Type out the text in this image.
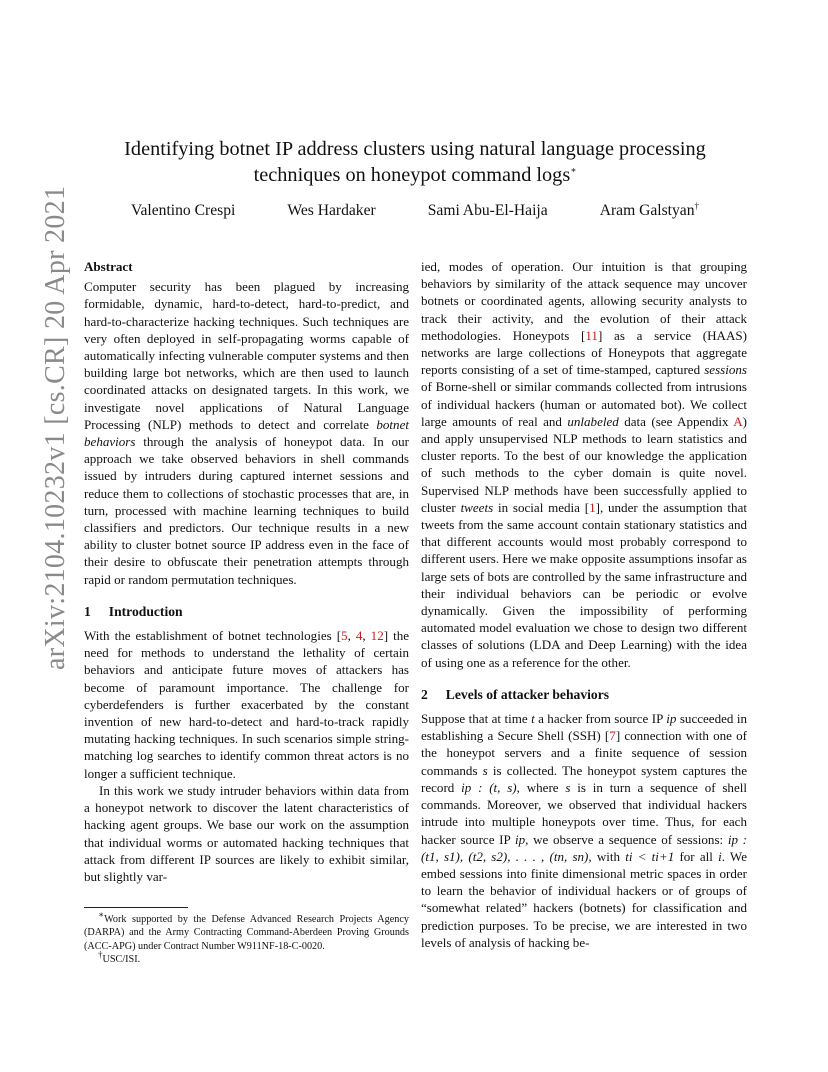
arXiv:2104.10232v1 [cs.CR] 20 Apr 2021
Identifying botnet IP address clusters using natural language processing
techniques on honeypot command logs∗
Valentino Crespi	Wes Hardaker	Sami Abu-El-Haija	Aram Galstyan†
Abstract

Computer security has been plagued by increasing formidable, dynamic, hard-to-detect, hard-to-predict, and hard-to-characterize hacking techniques. Such techniques are very often deployed in self-propagating worms capable of automatically infecting vulnerable computer systems and then building large bot networks, which are then used to launch coordinated attacks on designated targets. In this work, we investigate novel applications of Natural Language Processing (NLP) methods to detect and correlate botnet behaviors through the analysis of honeypot data. In our approach we take observed behaviors in shell commands issued by intruders during captured internet sessions and reduce them to collections of stochastic processes that are, in turn, processed with machine learning techniques to build classifiers and predictors. Our technique results in a new ability to cluster botnet source IP address even in the face of their desire to obfuscate their penetration attempts through rapid or random permutation techniques.

1 Introduction

With the establishment of botnet technologies [5, 4, 12] the need for methods to understand the lethality of certain behaviors and anticipate future moves of attackers has become of paramount importance. The challenge for cyberdefenders is further exacerbated by the constant invention of new hard-to-detect and hard-to-track rapidly mutating hacking techniques. In such scenarios simple string-matching log searches to identify common threat actors is no longer a sufficient technique.

In this work we study intruder behaviors within data from a honeypot network to discover the latent characteristics of hacking agent groups. We base our work on the assumption that individual worms or automated hacking techniques that attack from different IP sources are likely to exhibit similar, but slightly var-

∗Work supported by the Defense Advanced Research Projects Agency (DARPA) and the Army Contracting Command-Aberdeen Proving Grounds (ACC-APG) under Contract Number W911NF-18-C-0020.

†USC/ISI.

ied, modes of operation. Our intuition is that grouping behaviors by similarity of the attack sequence may uncover botnets or coordinated agents, allowing security analysts to track their activity, and the evolution of their attack methodologies. Honeypots [11] as a service (HAAS) networks are large collections of Honeypots that aggregate reports consisting of a set of time-stamped, captured sessions of Borne-shell or similar commands collected from intrusions of individual hackers (human or automated bot). We collect large amounts of real and unlabeled data (see Appendix A) and apply unsupervised NLP methods to learn statistics and cluster reports. To the best of our knowledge the application of such methods to the cyber domain is quite novel. Supervised NLP methods have been successfully applied to cluster tweets in social media [1], under the assumption that tweets from the same account contain stationary statistics and that different accounts would most probably correspond to different users. Here we make opposite assumptions insofar as large sets of bots are controlled by the same infrastructure and their individual behaviors can be periodic or evolve dynamically. Given the impossibility of performing automated model evaluation we chose to design two different classes of solutions (LDA and Deep Learning) with the idea of using one as a reference for the other.

2 Levels of attacker behaviors

Suppose that at time t a hacker from source IP ip succeeded in establishing a Secure Shell (SSH) [7] connection with one of the honeypot servers and a finite sequence of session commands s is collected. The honeypot system captures the record ip : (t, s), where s is in turn a sequence of shell commands. Moreover, we observed that individual hackers intrude into multiple honeypots over time. Thus, for each hacker source IP ip, we observe a sequence of sessions: ip : (t1, s1), (t2, s2), . . . , (tn, sn), with ti < ti+1 for all i. We embed sessions into finite dimensional metric spaces in order to learn the behavior of individual hackers or of groups of “somewhat related” hackers (botnets) for classification and prediction purposes. To be precise, we are interested in two levels of analysis of hacking be-
